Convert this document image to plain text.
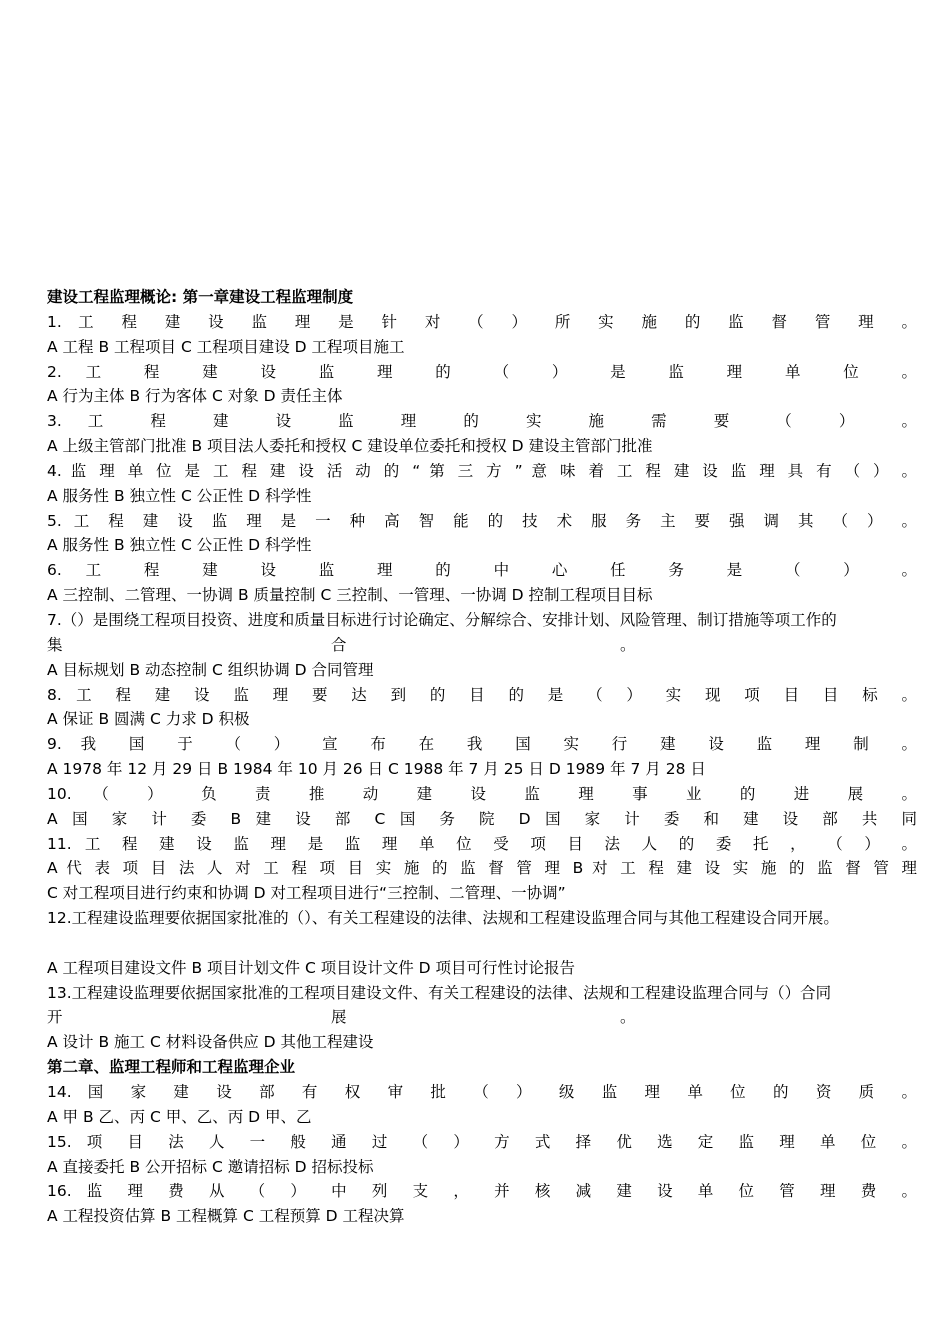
建设工程监理概论: 第一章建设工程监理制度
1. 工 程 建 设 监 理 是 针 对 （ ） 所 实 施 的 监 督 管 理 。
A 工程 B 工程项目 C 工程项目建设 D 工程项目施工
2. 工 程 建 设 监 理 的 （ ） 是 监 理 单 位 。
A 行为主体 B 行为客体 C 对象 D 责任主体
3. 工 程 建 设 监 理 的 实 施 需 要 （ ） 。
A 上级主管部门批准 B 项目法人委托和授权 C 建设单位委托和授权 D 建设主管部门批准
4. 监 理 单 位 是 工 程 建 设 活 动 的 “ 第 三 方 ” 意 味 着 工 程 建 设 监 理 具 有 （ ） 。
A 服务性 B 独立性 C 公正性 D 科学性
5. 工 程 建 设 监 理 是 一 种 高 智 能 的 技 术 服 务 主 要 强 调 其 （ ） 。
A 服务性 B 独立性 C 公正性 D 科学性
6. 工 程 建 设 监 理 的 中 心 任 务 是 （ ） 。
A 三控制、二管理、一协调 B 质量控制 C 三控制、一管理、一协调 D 控制工程项目目标
7.（）是围绕工程项目投资、进度和质量目标进行讨论确定、分解综合、安排计划、风险管理、制订措施等项工作的
集	合	。
A 目标规划 B 动态控制 C 组织协调 D 合同管理
8. 工 程 建 设 监 理 要 达 到 的 目 的 是 （ ） 实 现 项 目 目 标 。
A 保证 B 圆满 C 力求 D 积极
9. 我 国 于 （ ） 宣 布 在 我 国 实 行 建 设 监 理 制 。
A 1978 年 12 月 29 日 B 1984 年 10 月 26 日 C 1988 年 7 月 25 日 D 1989 年 7 月 28 日
10. （ ） 负 责 推 动 建 设 监 理 事 业 的 进 展 。
A 国 家 计 委 B 建 设 部 C 国 务 院 D 国 家 计 委 和 建 设 部 共 同
11. 工 程 建 设 监 理 是 监 理 单 位 受 项 目 法 人 的 委 托 ， （ ） 。
A 代 表 项 目 法 人 对 工 程 项 目 实 施 的 监 督 管 理 B 对 工 程 建 设 实 施 的 监 督 管 理
C 对工程项目进行约束和协调 D 对工程项目进行“三控制、二管理、一协调”
12.工程建设监理要依据国家批准的（）、有关工程建设的法律、法规和工程建设监理合同与其他工程建设合同开展。
A 工程项目建设文件 B 项目计划文件 C 项目设计文件 D 项目可行性讨论报告
13.工程建设监理要依据国家批准的工程项目建设文件、有关工程建设的法律、法规和工程建设监理合同与（）合同
开	展	。
A 设计 B 施工 C 材料设备供应 D 其他工程建设
第二章、监理工程师和工程监理企业
14. 国 家 建 设 部 有 权 审 批 （ ） 级 监 理 单 位 的 资 质 。
A 甲 B 乙、丙 C 甲、乙、丙 D 甲、乙
15. 项 目 法 人 一 般 通 过 （ ） 方 式 择 优 选 定 监 理 单 位 。
A 直接委托 B 公开招标 C 邀请招标 D 招标投标
16. 监 理 费 从 （ ） 中 列 支 ， 并 核 减 建 设 单 位 管 理 费 。
A 工程投资估算 B 工程概算 C 工程预算 D 工程决算
